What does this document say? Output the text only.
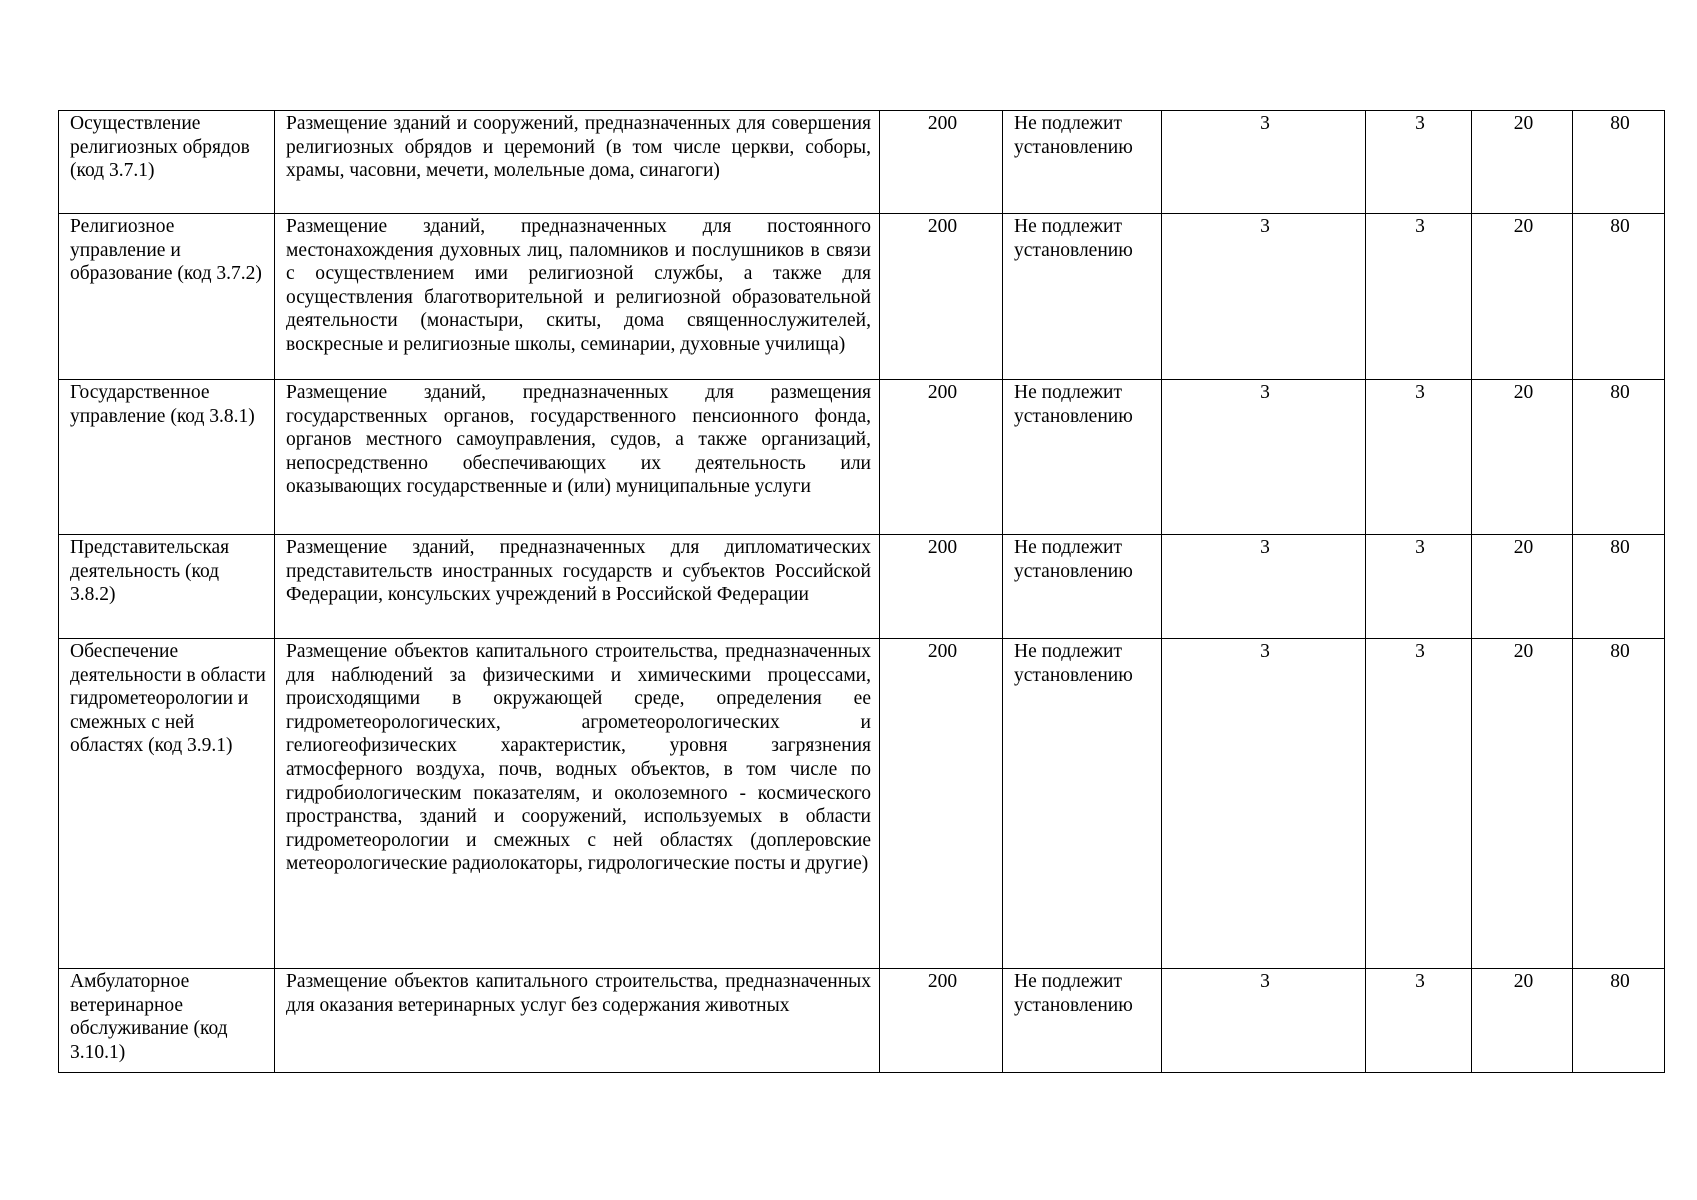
Осуществление религиозных обрядов (код 3.7.1)	Размещение зданий и сооружений, предназначенных для совершения религиозных обрядов и церемоний (в том числе церкви, соборы, храмы, часовни, мечети, молельные дома, синагоги)	200	Не подлежит установлению	3	3	20	80

Религиозное управление и образование (код 3.7.2)	Размещение зданий, предназначенных для постоянного местонахождения духовных лиц, паломников и послушников в связи с осуществлением ими религиозной службы, а также для осуществления благотворительной и религиозной образовательной деятельности (монастыри, скиты, дома священнослужителей, воскресные и религиозные школы, семинарии, духовные училища)	200	Не подлежит установлению	3	3	20	80

Государственное управление (код 3.8.1)	Размещение зданий, предназначенных для размещения государственных органов, государственного пенсионного фонда, органов местного самоуправления, судов, а также организаций, непосредственно обеспечивающих их деятельность или оказывающих государственные и (или) муниципальные услуги	200	Не подлежит установлению	3	3	20	80

Представительская деятельность (код 3.8.2)	Размещение зданий, предназначенных для дипломатических представительств иностранных государств и субъектов Российской Федерации, консульских учреждений в Российской Федерации	200	Не подлежит установлению	3	3	20	80

Обеспечение деятельности в области гидрометеорологии и смежных с ней областях (код 3.9.1)	Размещение объектов капитального строительства, предназначенных для наблюдений за физическими и химическими процессами, происходящими в окружающей среде, определения ее гидрометеорологических, агрометеорологических и гелиогеофизических характеристик, уровня загрязнения атмосферного воздуха, почв, водных объектов, в том числе по гидробиологическим показателям, и околоземного - космического пространства, зданий и сооружений, используемых в области гидрометеорологии и смежных с ней областях (доплеровские метеорологические радиолокаторы, гидрологические посты и другие)	200	Не подлежит установлению	3	3	20	80

Амбулаторное ветеринарное обслуживание (код 3.10.1)	Размещение объектов капитального строительства, предназначенных для оказания ветеринарных услуг без содержания животных	200	Не подлежит установлению	3	3	20	80
